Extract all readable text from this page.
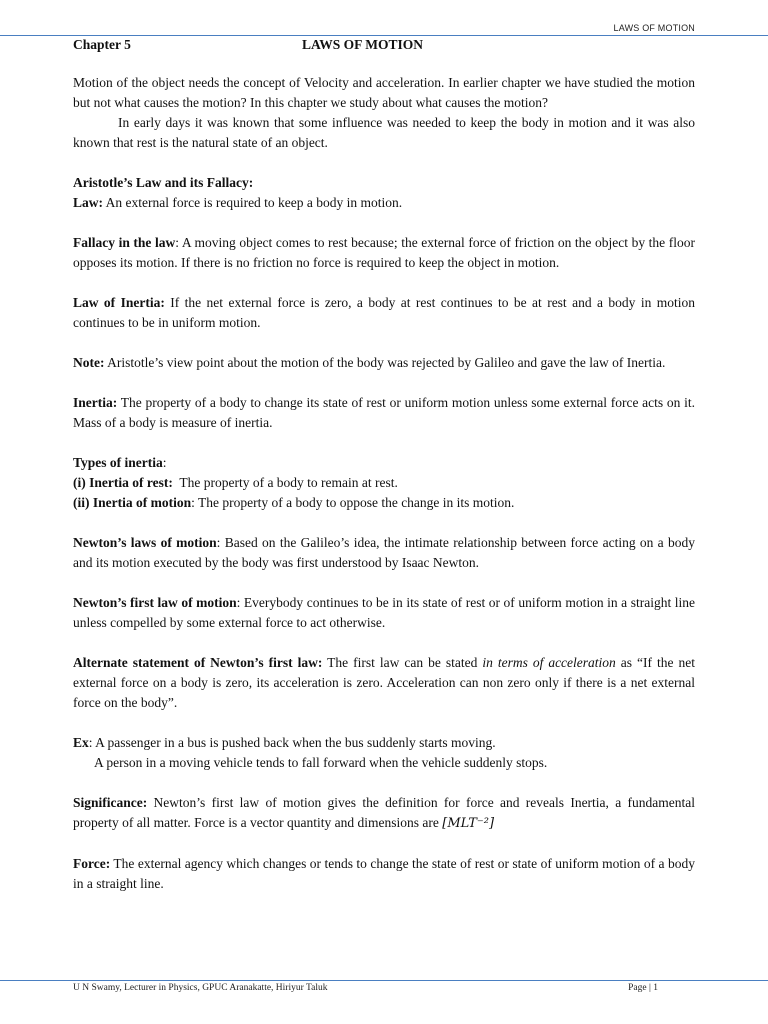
LAWS OF MOTION
Chapter 5	LAWS OF MOTION

Motion of the object needs the concept of Velocity and acceleration. In earlier chapter we have studied the motion but not what causes the motion? In this chapter we study about what causes the motion?

In early days it was known that some influence was needed to keep the body in motion and it was also known that rest is the natural state of an object.

Aristotle’s Law and its Fallacy:

Law: An external force is required to keep a body in motion.

Fallacy in the law: A moving object comes to rest because; the external force of friction on the object by the floor opposes its motion. If there is no friction no force is required to keep the object in motion.

Law of Inertia: If the net external force is zero, a body at rest continues to be at rest and a body in motion continues to be in uniform motion.

Note: Aristotle’s view point about the motion of the body was rejected by Galileo and gave the law of Inertia.

Inertia: The property of a body to change its state of rest or uniform motion unless some external force acts on it. Mass of a body is measure of inertia.

Types of inertia:

(i) Inertia of rest:  The property of a body to remain at rest.

(ii) Inertia of motion: The property of a body to oppose the change in its motion.

Newton’s laws of motion: Based on the Galileo’s idea, the intimate relationship between force acting on a body and its motion executed by the body was first understood by Isaac Newton.

Newton’s first law of motion: Everybody continues to be in its state of rest or of uniform motion in a straight line unless compelled by some external force to act otherwise.

Alternate statement of Newton’s first law: The first law can be stated in terms of acceleration as “If the net external force on a body is zero, its acceleration is zero. Acceleration can non zero only if there is a net external force on the body”.

Ex: A passenger in a bus is pushed back when the bus suddenly starts moving.

A person in a moving vehicle tends to fall forward when the vehicle suddenly stops.

Significance: Newton’s first law of motion gives the definition for force and reveals Inertia, a fundamental property of all matter. Force is a vector quantity and dimensions are [MLT⁻²]

Force: The external agency which changes or tends to change the state of rest or state of uniform motion of a body in a straight line.

U N Swamy, Lecturer in Physics, GPUC Aranakatte, Hiriyur Taluk	Page | 1
